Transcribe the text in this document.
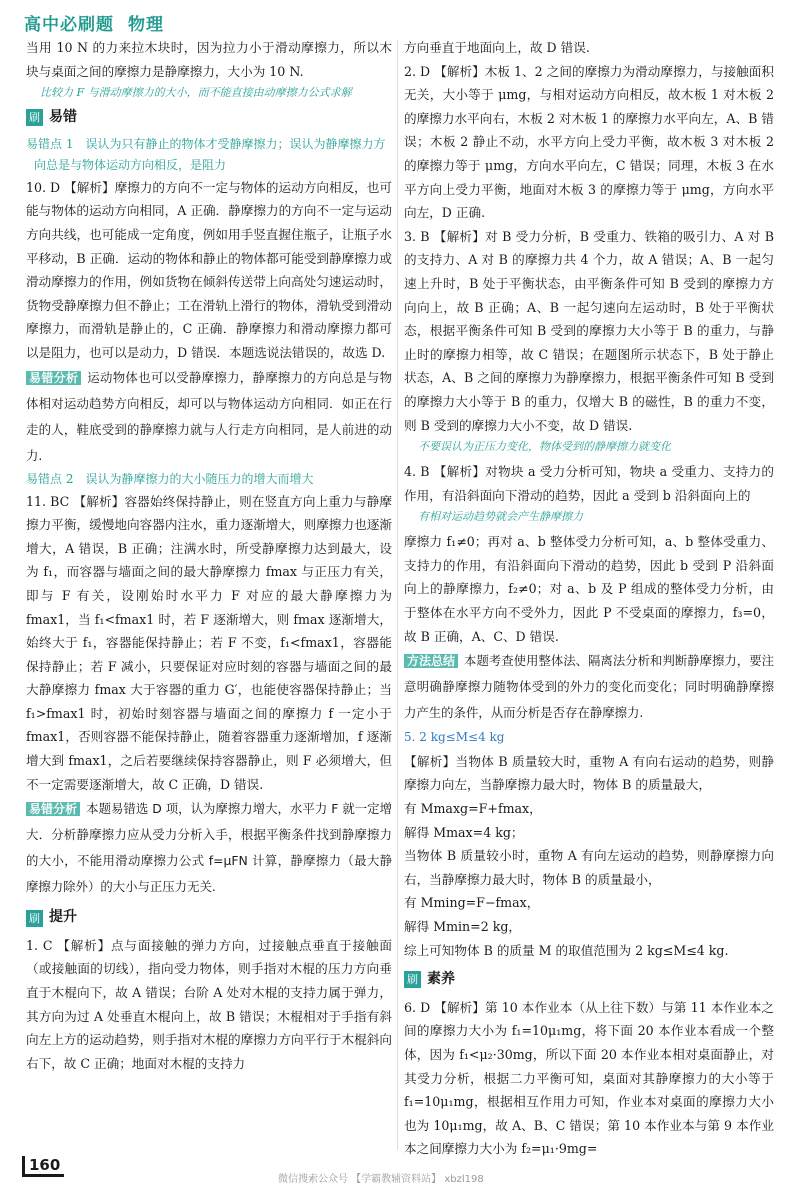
高中必刷题 物理

当用 10 N 的力来拉木块时，因为拉力小于滑动摩擦力，所以木块与桌面之间的摩擦力是静摩擦力，大小为 10 N.

比较力 F 与滑动摩擦力的大小，而不能直接由动摩擦力公式求解
刷 易错
易错点 1　误认为只有静止的物体才受静摩擦力；误认为静摩擦力方向总是与物体运动方向相反，是阻力

10. D 【解析】摩擦力的方向不一定与物体的运动方向相反，也可能与物体的运动方向相同，A 正确．静摩擦力的方向不一定与运动方向共线，也可能成一定角度，例如用手竖直握住瓶子，让瓶子水平移动，B 正确．运动的物体和静止的物体都可能受到静摩擦力或滑动摩擦力的作用，例如货物在倾斜传送带上向高处匀速运动时，货物受静摩擦力但不静止；工在滑轨上滑行的物体，滑轨受到滑动摩擦力，而滑轨是静止的，C 正确．静摩擦力和滑动摩擦力都可以是阻力，也可以是动力，D 错误．本题选说法错误的，故选 D.

易错分析 运动物体也可以受静摩擦力，静摩擦力的方向总是与物体相对运动趋势方向相反，却可以与物体运动方向相同．如正在行走的人，鞋底受到的静摩擦力就与人行走方向相同，是人前进的动力.

易错点 2　误认为静摩擦力的大小随压力的增大而增大

11. BC 【解析】容器始终保持静止，则在竖直方向上重力与静摩擦力平衡，缓慢地向容器内注水，重力逐渐增大，则摩擦力也逐渐增大，A 错误，B 正确；注满水时，所受静摩擦力达到最大，设为 f₁，而容器与墙面之间的最大静摩擦力 fmax 与正压力有关，即与 F 有关，设刚始时水平力 F 对应的最大静摩擦力为 fmax1，当 f₁<fmax1 时，若 F 逐渐增大，则 fmax 逐渐增大，始终大于 f₁，容器能保持静止；若 F 不变，f₁<fmax1，容器能保持静止；若 F 减小，只要保证对应时刻的容器与墙面之间的最大静摩擦力 fmax 大于容器的重力 G′，也能使容器保持静止；当 f₁>fmax1 时，初始时刻容器与墙面之间的摩擦力 f 一定小于 fmax1，否则容器不能保持静止，随着容器重力逐渐增加，f 逐渐增大到 fmax1，之后若要继续保持容器静止，则 F 必须增大，但不一定需要逐渐增大，故 C 正确，D 错误.

易错分析 本题易错选 D 项，认为摩擦力增大，水平力 F 就一定增大．分析静摩擦力应从受力分析入手，根据平衡条件找到静摩擦力的大小，不能用滑动摩擦力公式 f=μFN 计算，静摩擦力（最大静摩擦力除外）的大小与正压力无关.

刷 提升

1. C 【解析】点与面接触的弹力方向，过接触点垂直于接触面（或接触面的切线），指向受力物体，则手指对木棍的压力方向垂直于木棍向下，故 A 错误；台阶 A 处对木棍的支持力属于弹力，其方向为过 A 处垂直木棍向上，故 B 错误；木棍相对于手指有斜向左上方的运动趋势，则手指对木棍的摩擦力方向平行于木棍斜向右下，故 C 正确；地面对木棍的支持力

方向垂直于地面向上，故 D 错误.

2. D 【解析】木板 1、2 之间的摩擦力为滑动摩擦力，与接触面积无关，大小等于 μmg，与相对运动方向相反，故木板 1 对木板 2 的摩擦力水平向右，木板 2 对木板 1 的摩擦力水平向左，A、B 错误；木板 2 静止不动，水平方向上受力平衡，故木板 3 对木板 2 的摩擦力等于 μmg，方向水平向左，C 错误；同理，木板 3 在水平方向上受力平衡，地面对木板 3 的摩擦力等于 μmg，方向水平向左，D 正确.

3. B 【解析】对 B 受力分析，B 受重力、铁箱的吸引力、A 对 B 的支持力、A 对 B 的摩擦力共 4 个力，故 A 错误；A、B 一起匀速上升时，B 处于平衡状态，由平衡条件可知 B 受到的摩擦力方向向上，故 B 正确；A、B 一起匀速向左运动时，B 处于平衡状态，根据平衡条件可知 B 受到的摩擦力大小等于 B 的重力，与静止时的摩擦力相等，故 C 错误；在题图所示状态下，B 处于静止状态，A、B 之间的摩擦力为静摩擦力，根据平衡条件可知 B 受到的摩擦力大小等于 B 的重力，仅增大 B 的磁性，B 的重力不变，则 B 受到的摩擦力大小不变，故 D 错误.

不要误认为正压力变化，物体受到的静摩擦力就变化

4. B 【解析】对物块 a 受力分析可知，物块 a 受重力、支持力的作用，有沿斜面向下滑动的趋势，因此 a 受到 b 沿斜面向上的

有相对运动趋势就会产生静摩擦力

摩擦力 f₁≠0；再对 a、b 整体受力分析可知，a、b 整体受重力、支持力的作用，有沿斜面向下滑动的趋势，因此 b 受到 P 沿斜面向上的静摩擦力，f₂≠0；对 a、b 及 P 组成的整体受力分析，由于整体在水平方向不受外力，因此 P 不受桌面的摩擦力，f₃=0，故 B 正确，A、C、D 错误.

方法总结 本题考查使用整体法、隔离法分析和判断静摩擦力，要注意明确静摩擦力随物体受到的外力的变化而变化；同时明确静摩擦力产生的条件，从而分析是否存在静摩擦力.

5. 2 kg≤M≤4 kg

【解析】当物体 B 质量较大时，重物 A 有向右运动的趋势，则静摩擦力向左，当静摩擦力最大时，物体 B 的质量最大，

有 Mmaxg=F+fmax，

解得 Mmax=4 kg；

当物体 B 质量较小时，重物 A 有向左运动的趋势，则静摩擦力向右，当静摩擦力最大时，物体 B 的质量最小，

有 Mming=F−fmax，

解得 Mmin=2 kg，

综上可知物体 B 的质量 M 的取值范围为 2 kg≤M≤4 kg.

刷 素养

6. D 【解析】第 10 本作业本（从上往下数）与第 11 本作业本之间的摩擦力大小为 f₁=10μ₁mg，将下面 20 本作业本看成一个整体，因为 f₁<μ₂·30mg，所以下面 20 本作业本相对桌面静止，对其受力分析，根据二力平衡可知，桌面对其静摩擦力的大小等于 f₁=10μ₁mg，根据相互作用力可知，作业本对桌面的摩擦力大小也为 10μ₁mg，故 A、B、C 错误；第 10 本作业本与第 9 本作业本之间摩擦力大小为 f₂=μ₁·9mg=

160
微信搜索公众号 【学霸教辅资料站】 xbzl198
